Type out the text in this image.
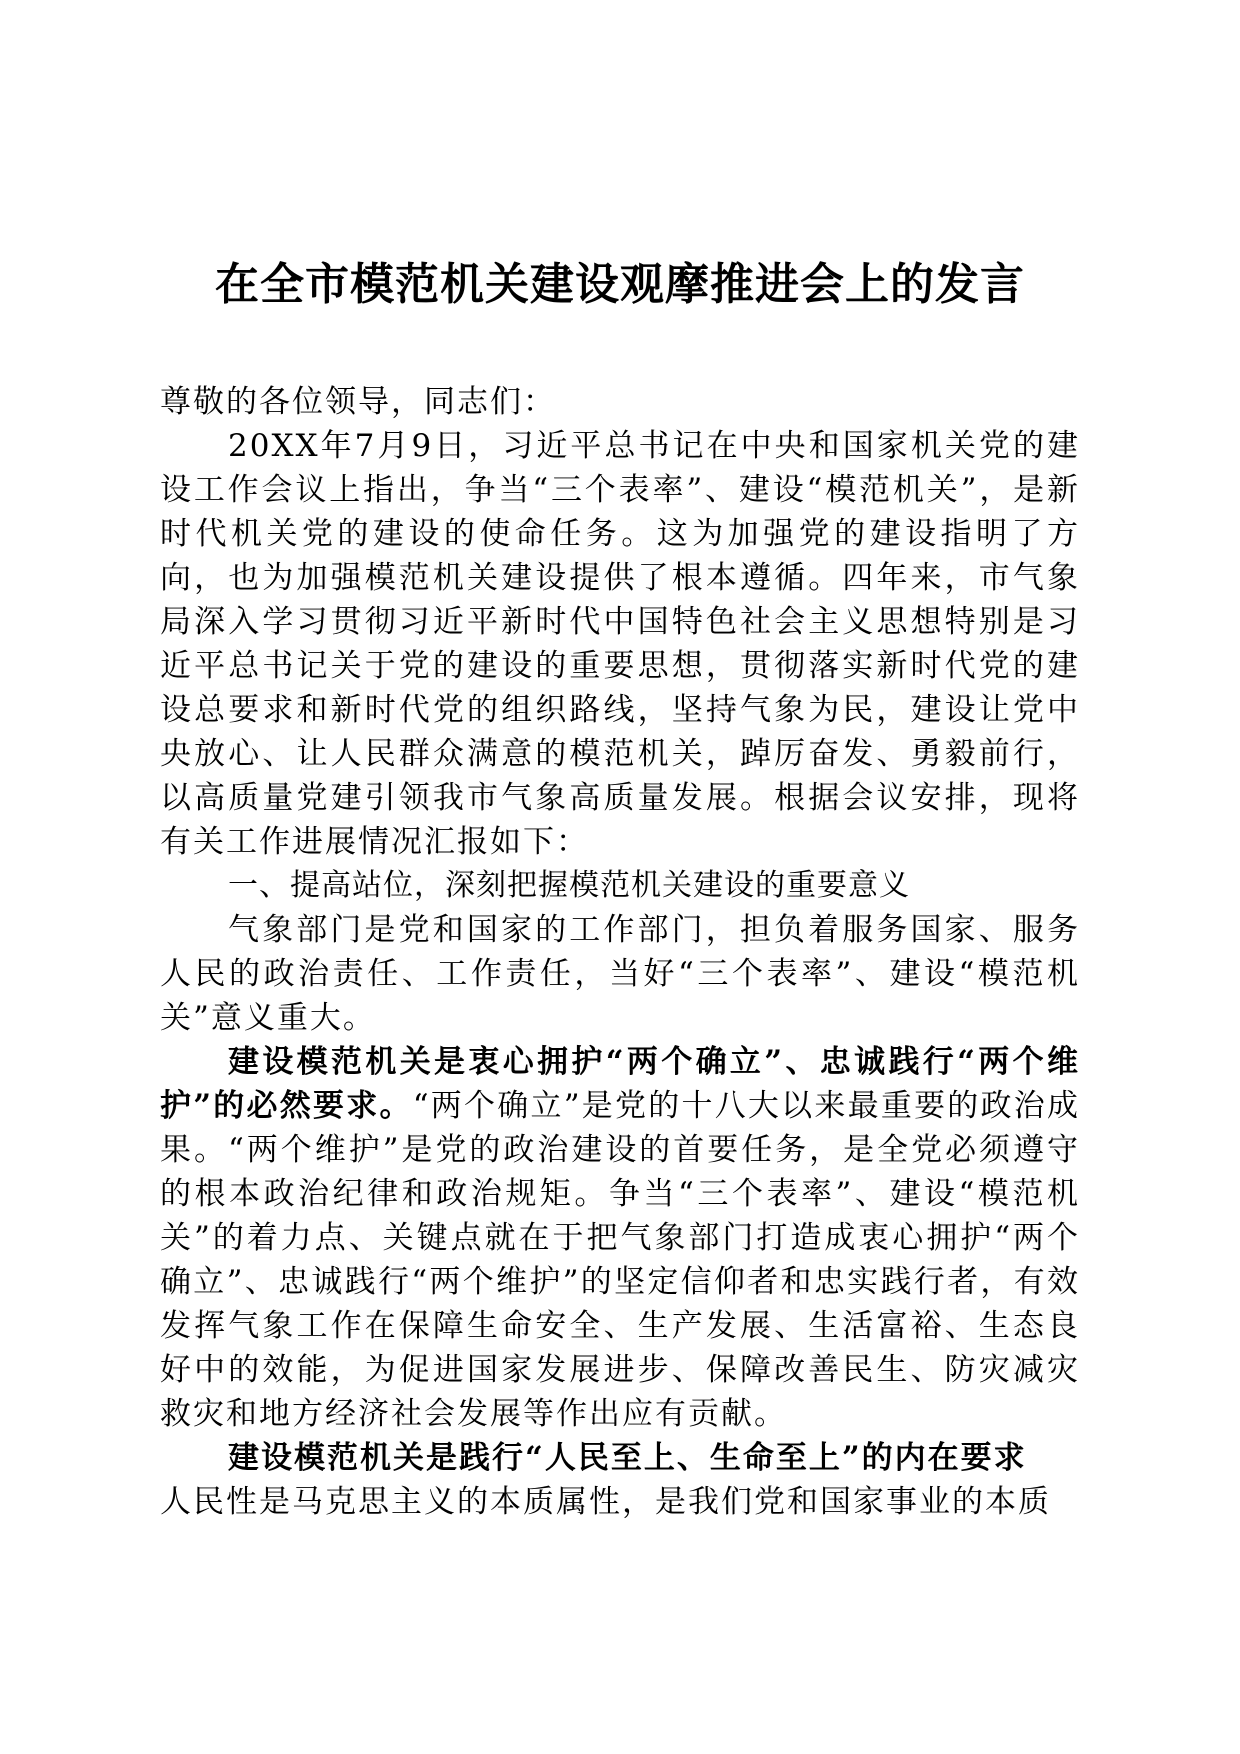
在全市模范机关建设观摩推进会上的发言

尊敬的各位领导，同志们：

20XX年7月9日，习近平总书记在中央和国家机关党的建设工作会议上指出，争当“三个表率”、建设“模范机关”，是新时代机关党的建设的使命任务。这为加强党的建设指明了方向，也为加强模范机关建设提供了根本遵循。四年来，市气象局深入学习贯彻习近平新时代中国特色社会主义思想特别是习近平总书记关于党的建设的重要思想，贯彻落实新时代党的建设总要求和新时代党的组织路线，坚持气象为民，建设让党中央放心、让人民群众满意的模范机关，踔厉奋发、勇毅前行，以高质量党建引领我市气象高质量发展。根据会议安排，现将有关工作进展情况汇报如下：

一、提高站位，深刻把握模范机关建设的重要意义

气象部门是党和国家的工作部门，担负着服务国家、服务人民的政治责任、工作责任，当好“三个表率”、建设“模范机关”意义重大。

建设模范机关是衷心拥护“两个确立”、忠诚践行“两个维护”的必然要求。“两个确立”是党的十八大以来最重要的政治成果。“两个维护”是党的政治建设的首要任务，是全党必须遵守的根本政治纪律和政治规矩。争当“三个表率”、建设“模范机关”的着力点、关键点就在于把气象部门打造成衷心拥护“两个确立”、忠诚践行“两个维护”的坚定信仰者和忠实践行者，有效发挥气象工作在保障生命安全、生产发展、生活富裕、生态良好中的效能，为促进国家发展进步、保障改善民生、防灾减灾救灾和地方经济社会发展等作出应有贡献。

建设模范机关是践行“人民至上、生命至上”的内在要求

人民性是马克思主义的本质属性，是我们党和国家事业的本质
